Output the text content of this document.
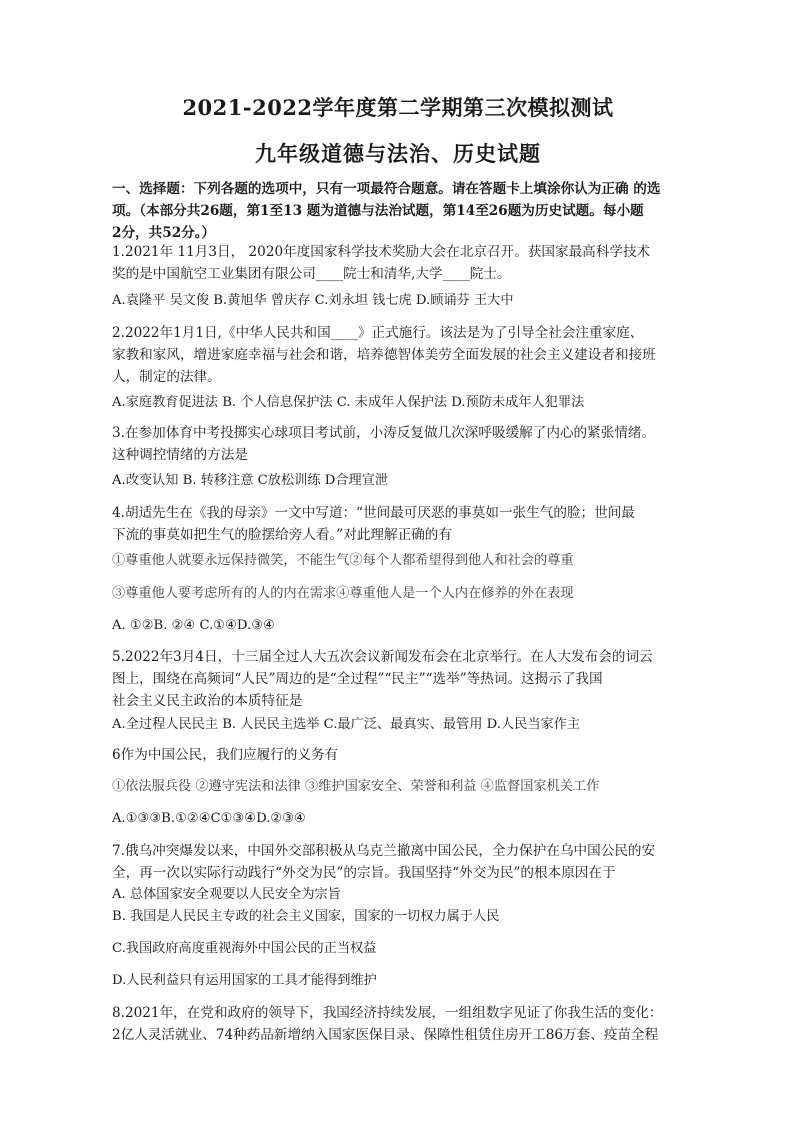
2021-2022学年度第二学期第三次模拟测试
九年级道德与法治、历史试题
一、选择题：下列各题的选项中，只有一项最符合题意。请在答题卡上填涂你认为正确 的选
项。（本部分共26题，第1至13 题为道德与法治试题，第14至26题为历史试题。每小题
2分，共52分。）
1.2021年 11月3日， 2020年度国家科学技术奖励大会在北京召开。获国家最高科学技术
奖的是中国航空工业集团有限公司____院士和清华,大学____院士。
A.袁隆平 吴文俊 B.黄旭华 曾庆存 C.刘永坦 钱七虎 D.顾诵芬 王大中
2.2022年1月1日,《中华人民共和国____》正式施行。该法是为了引导全社会注重家庭、
家教和家风，增进家庭幸福与社会和谐，培养德智体美劳全面发展的社会主义建设者和接班
人，制定的法律。
A.家庭教育促进法 B. 个人信息保护法 C. 未成年人保护法 D.预防未成年人犯罪法
3.在参加体育中考投掷实心球项目考试前，小涛反复做几次深呼吸缓解了内心的紧张情绪。
这种调控情绪的方法是
A.改变认知 B. 转移注意 C放松训练 D合理宣泄
4.胡适先生在《我的母亲》一文中写道：“世间最可厌恶的事莫如一张生气的脸；世间最
下流的事莫如把生气的脸摆给旁人看。”对此理解正确的有
①尊重他人就要永远保持微笑，不能生气②每个人都希望得到他人和社会的尊重
③尊重他人要考虑所有的人的内在需求④尊重他人是一个人内在修养的外在表现
A. ①②B. ②④ C.①④D.③④
5.2022年3月4日，十三届全过人大五次会议新闻发布会在北京举行。在人大发布会的词云
图上，围绕在高频词“人民”周边的是“全过程”“民主”“选举”等热词。这揭示了我国
社会主义民主政治的本质特征是
A.全过程人民民主 B. 人民民主选举 C.最广泛、最真实、最管用 D.人民当家作主
6作为中国公民，我们应履行的义务有
①依法服兵役 ②遵守宪法和法律 ③维护国家安全、荣誉和利益 ④监督国家机关工作
A.①③③B.①②④C①③④D.②③④
7.俄乌冲突爆发以来，中国外交部积极从乌克兰撤离中国公民，全力保护在乌中国公民的安
全，再一次以实际行动践行“外交为民”的宗旨。我国坚持“外交为民”的根本原因在于
A. 总体国家安全观要以人民安全为宗旨
B. 我国是人民民主专政的社会主义国家，国家的一切权力属于人民
C.我国政府高度重视海外中国公民的正当权益
D.人民利益只有运用国家的工具才能得到维护
8.2021年，在党和政府的领导下，我国经济持续发展，一组组数字见证了你我生活的变化：
2亿人灵活就业、74种药品新增纳入国家医保目录、保障性租赁住房开工86万套、疫苗全程
